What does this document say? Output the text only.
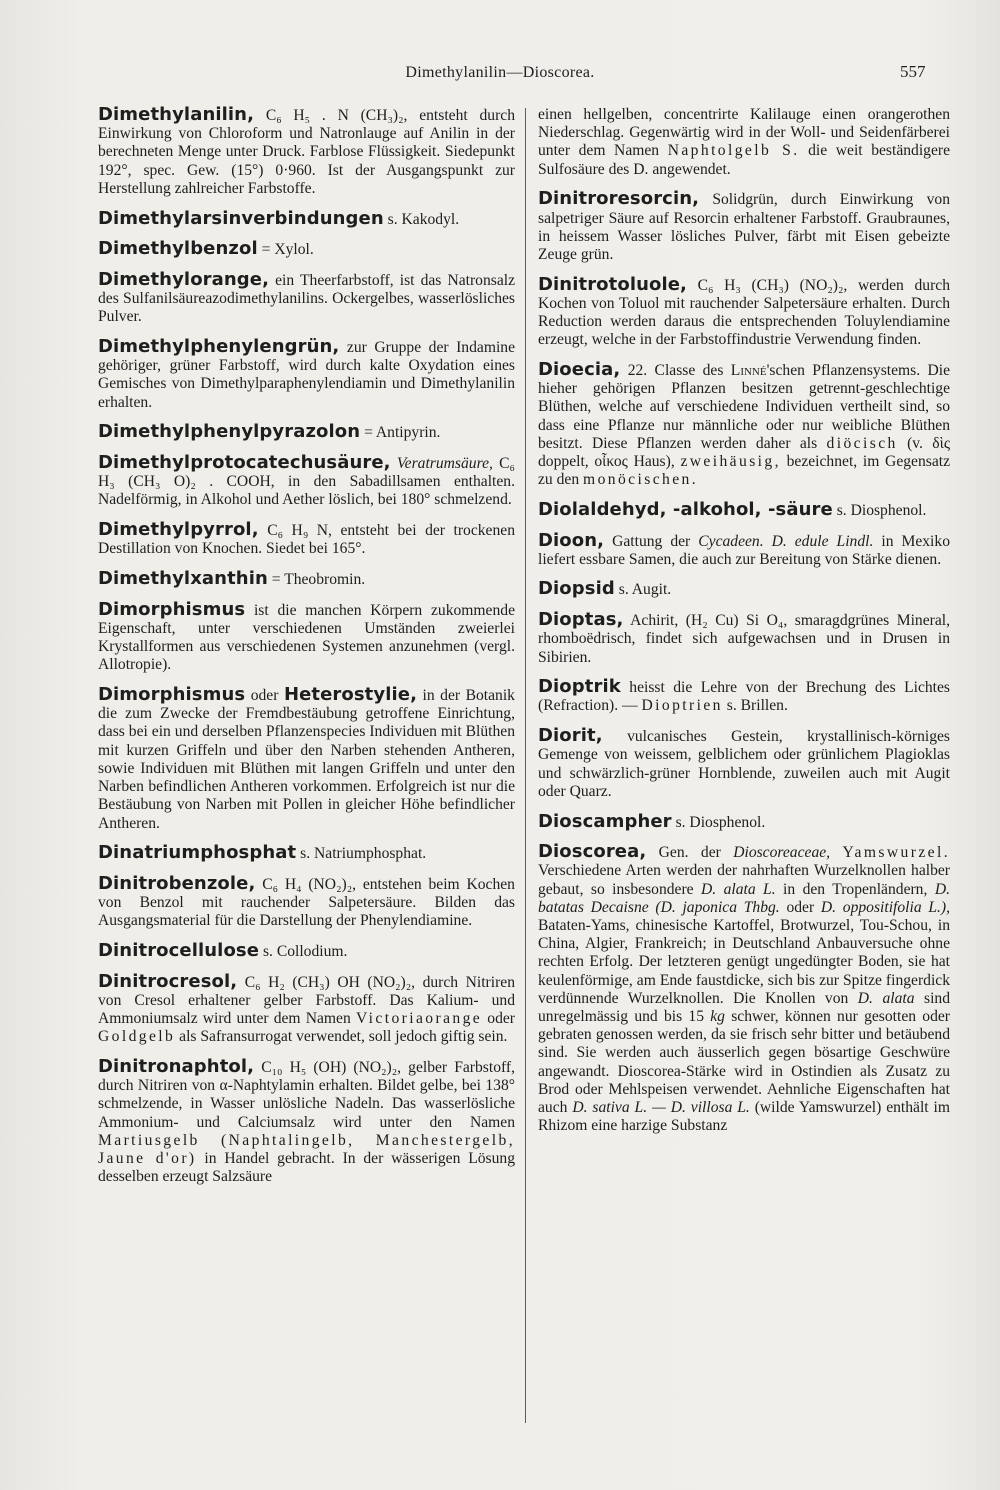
Dimethylanilin—Dioscorea.	557
Dimethylanilin, C₆ H₅ . N (CH₃)₂, entsteht durch Einwirkung von Chloroform und Natronlauge auf Anilin in der berechneten Menge unter Druck. Farblose Flüssigkeit. Siedepunkt 192°, spec. Gew. (15°) 0·960. Ist der Ausgangspunkt zur Herstellung zahlreicher Farbstoffe.
Dimethylarsinverbindungen s. Kakodyl.
Dimethylbenzol = Xylol.
Dimethylorange, ein Theerfarbstoff, ist das Natronsalz des Sulfanilsäureazodimethylanilins. Ockergelbes, wasserlösliches Pulver.
Dimethylphenylengrün, zur Gruppe der Indamine gehöriger, grüner Farbstoff, wird durch kalte Oxydation eines Gemisches von Dimethylparaphenylendiamin und Dimethylanilin erhalten.
Dimethylphenylpyrazolon = Antipyrin.
Dimethylprotocatechusäure, Veratrumsäure, C₆ H₃ (CH₃ O)₂ . COOH, in den Sabadillsamen enthalten. Nadelförmig, in Alkohol und Aether löslich, bei 180° schmelzend.
Dimethylpyrrol, C₆ H₉ N, entsteht bei der trockenen Destillation von Knochen. Siedet bei 165°.
Dimethylxanthin = Theobromin.
Dimorphismus ist die manchen Körpern zukommende Eigenschaft, unter verschiedenen Umständen zweierlei Krystallformen aus verschiedenen Systemen anzunehmen (vergl. Allotropie).
Dimorphismus oder Heterostylie, in der Botanik die zum Zwecke der Fremdbestäubung getroffene Einrichtung, dass bei ein und derselben Pflanzenspecies Individuen mit Blüthen mit kurzen Griffeln und über den Narben stehenden Antheren, sowie Individuen mit Blüthen mit langen Griffeln und unter den Narben befindlichen Antheren vorkommen. Erfolgreich ist nur die Bestäubung von Narben mit Pollen in gleicher Höhe befindlicher Antheren.
Dinatriumphosphat s. Natriumphosphat.
Dinitrobenzole, C₆ H₄ (NO₂)₂, entstehen beim Kochen von Benzol mit rauchender Salpetersäure. Bilden das Ausgangsmaterial für die Darstellung der Phenylendiamine.
Dinitrocellulose s. Collodium.
Dinitrocresol, C₆ H₂ (CH₃) OH (NO₂)₂, durch Nitriren von Cresol erhaltener gelber Farbstoff. Das Kalium- und Ammoniumsalz wird unter dem Namen Victoriaorange oder Goldgelb als Safransurrogat verwendet, soll jedoch giftig sein.
Dinitronaphtol, C₁₀ H₅ (OH) (NO₂)₂, gelber Farbstoff, durch Nitriren von α-Naphtylamin erhalten. Bildet gelbe, bei 138° schmelzende, in Wasser unlösliche Nadeln. Das wasserlösliche Ammonium- und Calciumsalz wird unter den Namen Martiusgelb (Naphtalingelb, Manchestergelb, Jaune d'or) in Handel gebracht. In der wässerigen Lösung desselben erzeugt Salzsäure
einen hellgelben, concentrirte Kalilauge einen orangerothen Niederschlag. Gegenwärtig wird in der Woll- und Seidenfärberei unter dem Namen Naphtolgelb S. die weit beständigere Sulfosäure des D. angewendet.
Dinitroresorcin, Solidgrün, durch Einwirkung von salpetriger Säure auf Resorcin erhaltener Farbstoff. Graubraunes, in heissem Wasser lösliches Pulver, färbt mit Eisen gebeizte Zeuge grün.
Dinitrotoluole, C₆ H₃ (CH₃) (NO₂)₂, werden durch Kochen von Toluol mit rauchender Salpetersäure erhalten. Durch Reduction werden daraus die entsprechenden Toluylendiamine erzeugt, welche in der Farbstoffindustrie Verwendung finden.
Dioecia, 22. Classe des Linné'schen Pflanzensystems. Die hieher gehörigen Pflanzen besitzen getrennt-geschlechtige Blüthen, welche auf verschiedene Individuen vertheilt sind, so dass eine Pflanze nur männliche oder nur weibliche Blüthen besitzt. Diese Pflanzen werden daher als diöcisch (v. δὶς doppelt, οἶκος Haus), zweihäusig, bezeichnet, im Gegensatz zu den monöcischen.
Diolaldehyd, -alkohol, -säure s. Diosphenol.
Dioon, Gattung der Cycadeen. D. edule Lindl. in Mexiko liefert essbare Samen, die auch zur Bereitung von Stärke dienen.
Diopsid s. Augit.
Dioptas, Achirit, (H₂ Cu) Si O₄, smaragdgrünes Mineral, rhomboëdrisch, findet sich aufgewachsen und in Drusen in Sibirien.
Dioptrik heisst die Lehre von der Brechung des Lichtes (Refraction). — Dioptrien s. Brillen.
Diorit, vulcanisches Gestein, krystallinisch-körniges Gemenge von weissem, gelblichem oder grünlichem Plagioklas und schwärzlich-grüner Hornblende, zuweilen auch mit Augit oder Quarz.
Dioscampher s. Diosphenol.
Dioscorea, Gen. der Dioscoreaceae, Yamswurzel. Verschiedene Arten werden der nahrhaften Wurzelknollen halber gebaut, so insbesondere D. alata L. in den Tropenländern, D. batatas Decaisne (D. japonica Thbg. oder D. oppositifolia L.), Bataten-Yams, chinesische Kartoffel, Brotwurzel, Tou-Schou, in China, Algier, Frankreich; in Deutschland Anbauversuche ohne rechten Erfolg. Der letzteren genügt ungedüngter Boden, sie hat keulenförmige, am Ende faustdicke, sich bis zur Spitze fingerdick verdünnende Wurzelknollen. Die Knollen von D. alata sind unregelmässig und bis 15 kg schwer, können nur gesotten oder gebraten genossen werden, da sie frisch sehr bitter und betäubend sind. Sie werden auch äusserlich gegen bösartige Geschwüre angewandt. Dioscorea-Stärke wird in Ostindien als Zusatz zu Brod oder Mehlspeisen verwendet. Aehnliche Eigenschaften hat auch D. sativa L. — D. villosa L. (wilde Yamswurzel) enthält im Rhizom eine harzige Substanz
